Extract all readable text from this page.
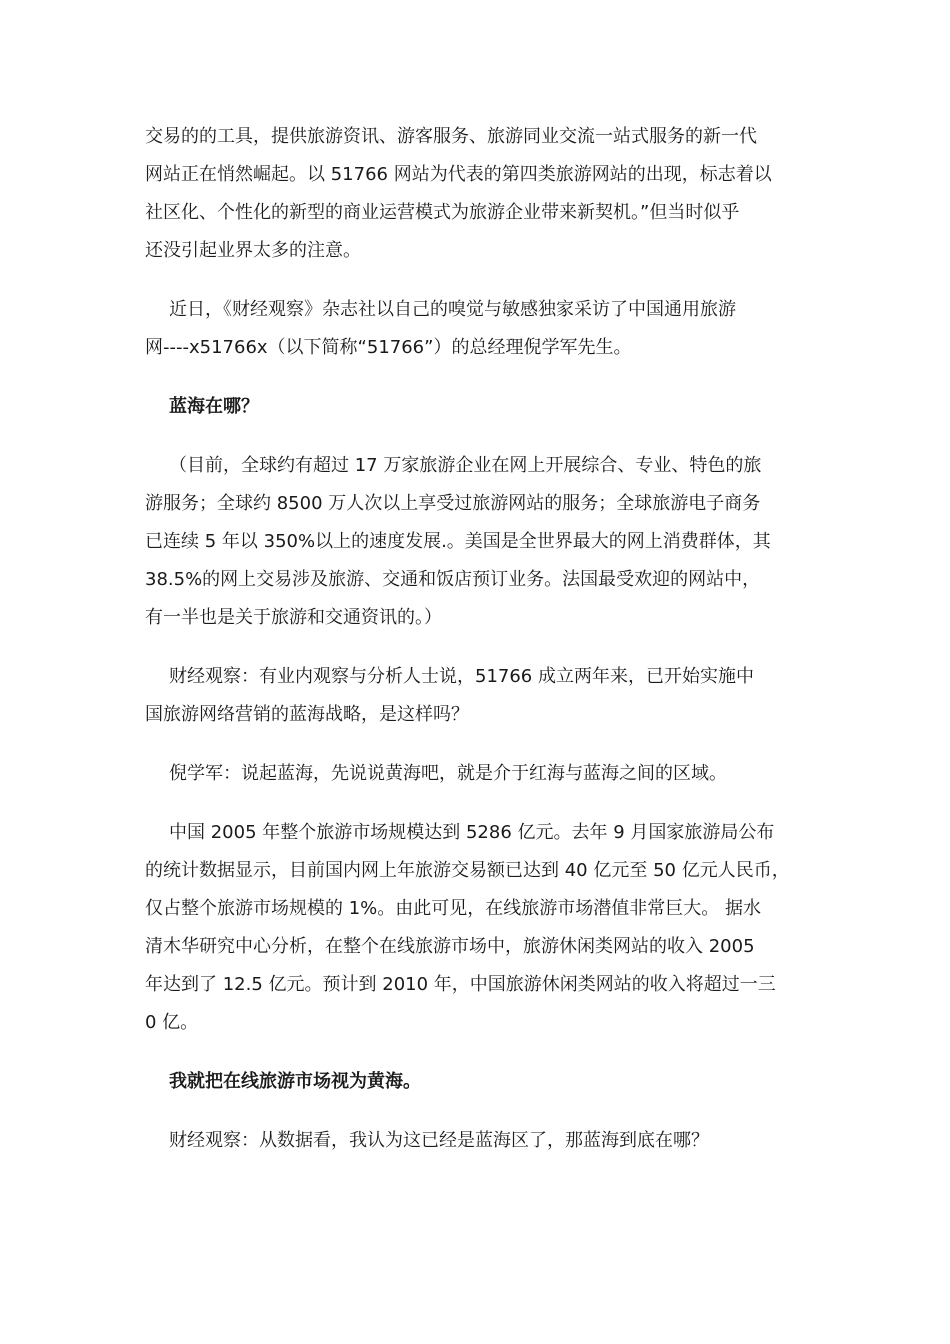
交易的的工具，提供旅游资讯、游客服务、旅游同业交流一站式服务的新一代
网站正在悄然崛起。以 51766 网站为代表的第四类旅游网站的出现，标志着以
社区化、个性化的新型的商业运营模式为旅游企业带来新契机。”但当时似乎
还没引起业界太多的注意。

近日，《财经观察》杂志社以自己的嗅觉与敏感独家采访了中国通用旅游
网----x51766x（以下简称“51766”）的总经理倪学军先生。

蓝海在哪？

（目前，全球约有超过 17 万家旅游企业在网上开展综合、专业、特色的旅
游服务；全球约 8500 万人次以上享受过旅游网站的服务；全球旅游电子商务
已连续 5 年以 350%以上的速度发展.。美国是全世界最大的网上消费群体，其
38.5%的网上交易涉及旅游、交通和饭店预订业务。法国最受欢迎的网站中，
有一半也是关于旅游和交通资讯的。）

财经观察：有业内观察与分析人士说，51766 成立两年来，已开始实施中
国旅游网络营销的蓝海战略，是这样吗？

倪学军：说起蓝海，先说说黄海吧，就是介于红海与蓝海之间的区域。

中国 2005 年整个旅游市场规模达到 5286 亿元。去年 9 月国家旅游局公布
的统计数据显示，目前国内网上年旅游交易额已达到 40 亿元至 50 亿元人民币，
仅占整个旅游市场规模的 1%。由此可见，在线旅游市场潜值非常巨大。 据水
清木华研究中心分析，在整个在线旅游市场中，旅游休闲类网站的收入 2005
年达到了 12.5 亿元。预计到 2010 年，中国旅游休闲类网站的收入将超过一三
0 亿。

我就把在线旅游市场视为黄海。

财经观察：从数据看，我认为这已经是蓝海区了，那蓝海到底在哪？
